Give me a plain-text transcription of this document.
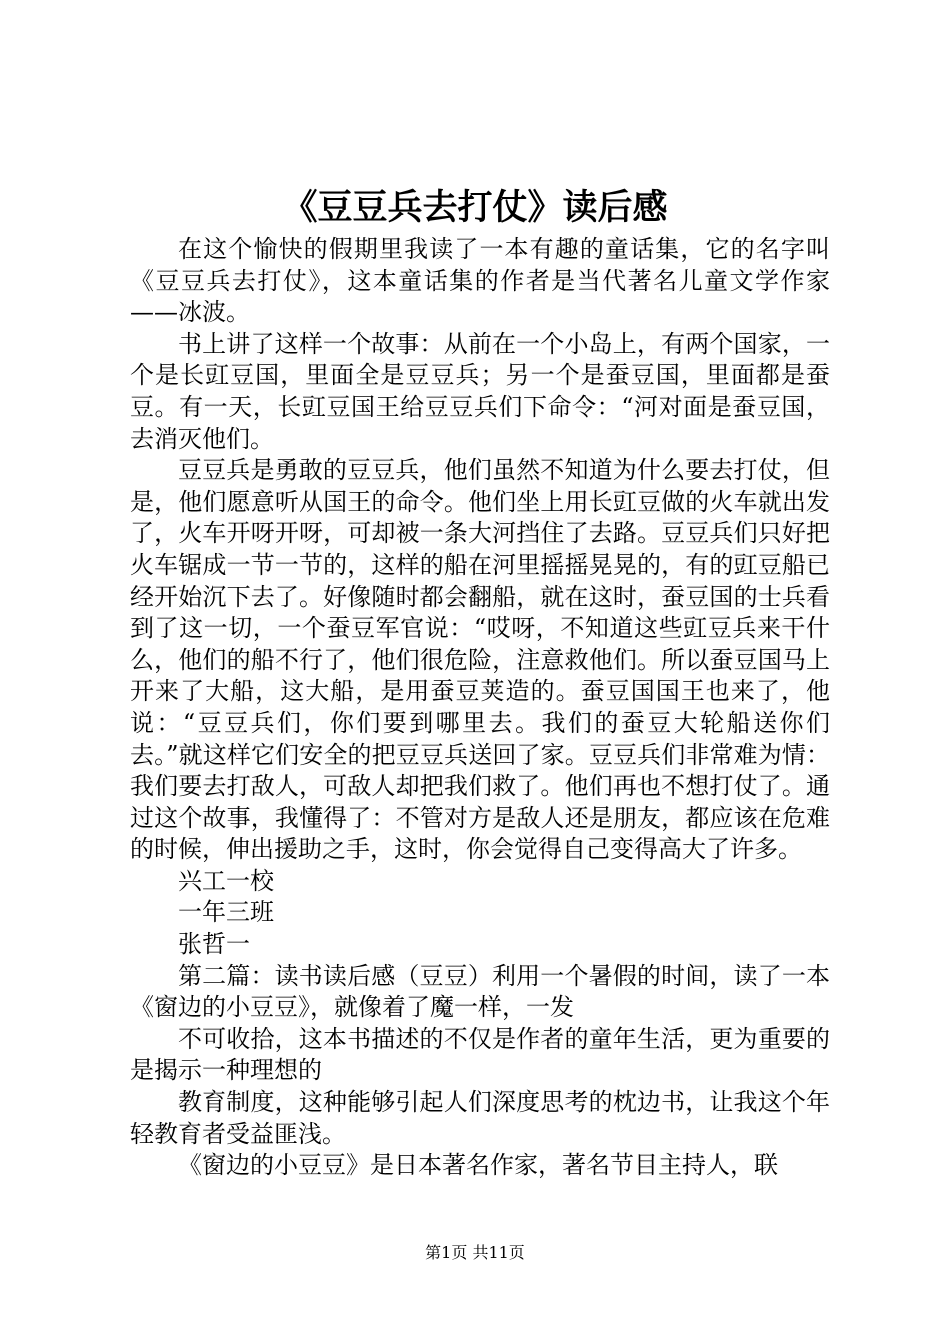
《豆豆兵去打仗》读后感

在这个愉快的假期里我读了一本有趣的童话集，它的名字叫《豆豆兵去打仗》，这本童话集的作者是当代著名儿童文学作家——冰波。

书上讲了这样一个故事：从前在一个小岛上，有两个国家，一个是长豇豆国，里面全是豆豆兵；另一个是蚕豆国，里面都是蚕豆。有一天，长豇豆国王给豆豆兵们下命令：“河对面是蚕豆国，去消灭他们。

豆豆兵是勇敢的豆豆兵，他们虽然不知道为什么要去打仗，但是，他们愿意听从国王的命令。他们坐上用长豇豆做的火车就出发了，火车开呀开呀，可却被一条大河挡住了去路。豆豆兵们只好把火车锯成一节一节的，这样的船在河里摇摇晃晃的，有的豇豆船已经开始沉下去了。好像随时都会翻船，就在这时，蚕豆国的士兵看到了这一切，一个蚕豆军官说：“哎呀，不知道这些豇豆兵来干什么，他们的船不行了，他们很危险，注意救他们。所以蚕豆国马上开来了大船，这大船，是用蚕豆荚造的。蚕豆国国王也来了，他说：“豆豆兵们，你们要到哪里去。我们的蚕豆大轮船送你们去。”就这样它们安全的把豆豆兵送回了家。豆豆兵们非常难为情：我们要去打敌人，可敌人却把我们救了。他们再也不想打仗了。通过这个故事，我懂得了：不管对方是敌人还是朋友，都应该在危难的时候，伸出援助之手，这时，你会觉得自己变得高大了许多。

兴工一校

一年三班

张哲一

第二篇：读书读后感（豆豆）利用一个暑假的时间，读了一本《窗边的小豆豆》，就像着了魔一样，一发

不可收拾，这本书描述的不仅是作者的童年生活，更为重要的是揭示一种理想的

教育制度，这种能够引起人们深度思考的枕边书，让我这个年轻教育者受益匪浅。

《窗边的小豆豆》是日本著名作家，著名节目主持人，联

第1页 共11页
